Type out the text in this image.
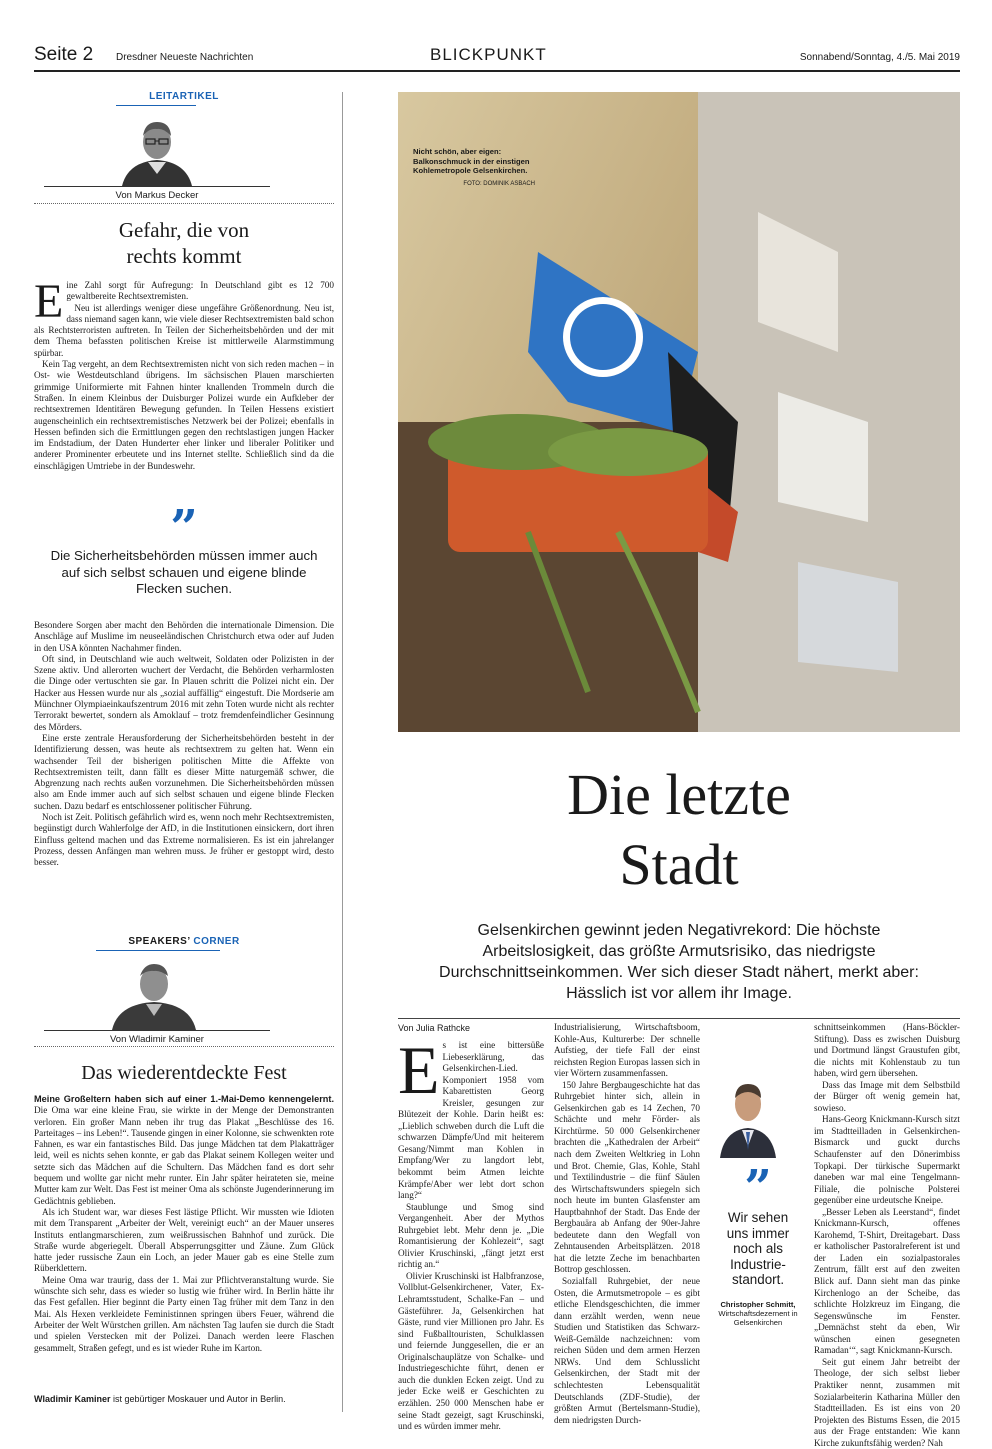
Seite 2 Dresdner Neueste Nachrichten	BLICKPUNKT	Sonnabend/Sonntag, 4./5. Mai 2019
LEITARTIKEL
Von Markus Decker
Gefahr, die von
rechts kommt
E ine Zahl sorgt für Aufregung: In Deutschland gibt es 12 700 gewaltbereite Rechtsextremisten.

Neu ist allerdings weniger diese ungefähre Größenordnung. Neu ist, dass niemand sagen kann, wie viele dieser Rechtsextremisten bald schon als Rechtsterroristen auftreten. In Teilen der Sicherheitsbehörden und der mit dem Thema befassten politischen Kreise ist mittlerweile Alarmstimmung spürbar.

Kein Tag vergeht, an dem Rechtsextremisten nicht von sich reden machen – in Ost- wie Westdeutschland übrigens. Im sächsischen Plauen marschierten grimmige Uniformierte mit Fahnen hinter knallenden Trommeln durch die Straßen. In einem Kleinbus der Duisburger Polizei wurde ein Aufkleber der rechtsextremen Identitären Bewegung gefunden. In Teilen Hessens existiert augenscheinlich ein rechtsextremistisches Netzwerk bei der Polizei; ebenfalls in Hessen befinden sich die Ermittlungen gegen den rechtslastigen jungen Hacker im Endstadium, der Daten Hunderter eher linker und liberaler Politiker und anderer Prominenter erbeutete und ins Internet stellte. Schließlich sind da die einschlägigen Umtriebe in der Bundeswehr.

”
Die Sicherheitsbehörden müssen immer auch auf sich selbst schauen und eigene blinde Flecken suchen.

Besondere Sorgen aber macht den Behörden die internationale Dimension. Die Anschläge auf Muslime im neuseeländischen Christchurch etwa oder auf Juden in den USA könnten Nachahmer finden.

Oft sind, in Deutschland wie auch weltweit, Soldaten oder Polizisten in der Szene aktiv. Und allerorten wuchert der Verdacht, die Behörden verharmlosten die Dinge oder vertuschten sie gar. In Plauen schritt die Polizei nicht ein. Der Hacker aus Hessen wurde nur als „sozial auffällig“ eingestuft. Die Mordserie am Münchner Olympiaeinkaufszentrum 2016 mit zehn Toten wurde nicht als rechter Terrorakt bewertet, sondern als Amoklauf – trotz fremdenfeindlicher Gesinnung des Mörders.

Eine erste zentrale Herausforderung der Sicherheitsbehörden besteht in der Identifizierung dessen, was heute als rechtsextrem zu gelten hat. Wenn ein wachsender Teil der bisherigen politischen Mitte die Affekte von Rechtsextremisten teilt, dann fällt es dieser Mitte naturgemäß schwer, die Abgrenzung nach rechts außen vorzunehmen. Die Sicherheitsbehörden müssen also am Ende immer auch auf sich selbst schauen und eigene blinde Flecken suchen. Dazu bedarf es entschlossener politischer Führung.

Noch ist Zeit. Politisch gefährlich wird es, wenn noch mehr Rechtsextremisten, begünstigt durch Wahlerfolge der AfD, in die Institutionen einsickern, dort ihren Einfluss geltend machen und das Extreme normalisieren. Es ist ein jahrelanger Prozess, dessen Anfängen man wehren muss. Je früher er gestoppt wird, desto besser.

SPEAKERS’ CORNER
Von Wladimir Kaminer
Das wiederentdeckte Fest

Meine Großeltern haben sich auf einer 1.-Mai-Demo kennengelernt. Die Oma war eine kleine Frau, sie wirkte in der Menge der Demonstranten verloren. Ein großer Mann neben ihr trug das Plakat „Beschlüsse des 16. Parteitages – ins Leben!“. Tausende gingen in einer Kolonne, sie schwenkten rote Fahnen, es war ein fantastisches Bild. Das junge Mädchen tat dem Plakatträger leid, weil es nichts sehen konnte, er gab das Plakat seinem Kollegen weiter und setzte sich das Mädchen auf die Schultern. Das Mädchen fand es dort sehr bequem und wollte gar nicht mehr runter. Ein Jahr später heirateten sie, meine Mutter kam zur Welt. Das Fest ist meiner Oma als schönste Jugenderinnerung im Gedächtnis geblieben.

Als ich Student war, war dieses Fest lästige Pflicht. Wir mussten wie Idioten mit dem Transparent „Arbeiter der Welt, vereinigt euch“ an der Mauer unseres Instituts entlangmarschieren, zum weißrussischen Bahnhof und zurück. Die Straße wurde abgeriegelt. Überall Absperrungsgitter und Zäune. Zum Glück hatte jeder russische Zaun ein Loch, an jeder Mauer gab es eine Stelle zum Rüberklettern.

Meine Oma war traurig, dass der 1. Mai zur Pflichtveranstaltung wurde. Sie wünschte sich sehr, dass es wieder so lustig wie früher wird. In Berlin hätte ihr das Fest gefallen. Hier beginnt die Party einen Tag früher mit dem Tanz in den Mai. Als Hexen verkleidete Feministinnen springen übers Feuer, während die Arbeiter der Welt Würstchen grillen. Am nächsten Tag laufen sie durch die Stadt und spielen Verstecken mit der Polizei. Danach werden leere Flaschen gesammelt, Straßen gefegt, und es ist wieder Ruhe im Karton.

Wladimir Kaminer ist gebürtiger Moskauer und Autor in Berlin.
Nicht schön, aber eigen: Balkonschmuck in der einstigen Kohlemetropole Gelsenkirchen.
FOTO: DOMINIK ASBACH
Die letzte
Stadt
Gelsenkirchen gewinnt jeden Negativrekord: Die höchste Arbeitslosigkeit, das größte Armutsrisiko, das niedrigste Durchschnittseinkommen. Wer sich dieser Stadt nähert, merkt aber: Hässlich ist vor allem ihr Image.
Von Julia Rathcke
E s ist eine bittersüße Liebeserklärung, das Gelsenkirchen-Lied. Komponiert 1958 vom Kabarettisten Georg Kreisler, gesungen zur Blütezeit der Kohle. Darin heißt es: „Lieblich schweben durch die Luft die schwarzen Dämpfe/Und mit heiterem Gesang/Nimmt man Kohlen in Empfang/Wer zu langdort lebt, bekommt beim Atmen leichte Krämpfe/Aber wer lebt dort schon lang?“

Staublunge und Smog sind Vergangenheit. Aber der Mythos Ruhrgebiet lebt. Mehr denn je. „Die Romantisierung der Kohlezeit“, sagt Olivier Kruschinski, „fängt jetzt erst richtig an.“

Olivier Kruschinski ist Halbfranzose, Vollblut-Gelsenkirchener, Vater, Ex-Lehramtsstudent, Schalke-Fan – und Gästeführer. Ja, Gelsenkirchen hat Gäste, rund vier Millionen pro Jahr. Es sind Fußballtouristen, Schulklassen und feiernde Junggesellen, die er an Originalschauplätze von Schalke- und Industriegeschichte führt, denen er auch die dunklen Ecken zeigt. Und zu jeder Ecke weiß er Geschichten zu erzählen. 250 000 Menschen habe er seine Stadt gezeigt, sagt Kruschinski, und es würden immer mehr.

Industrialisierung, Wirtschaftsboom, Kohle-Aus, Kulturerbe: Der schnelle Aufstieg, der tiefe Fall der einst reichsten Region Europas lassen sich in vier Wörtern zusammenfassen.

150 Jahre Bergbaugeschichte hat das Ruhrgebiet hinter sich, allein in Gelsenkirchen gab es 14 Zechen, 70 Schächte und mehr Förder- als Kirchtürme. 50 000 Gelsenkirchener brachten die „Kathedralen der Arbeit“ nach dem Zweiten Weltkrieg in Lohn und Brot. Chemie, Glas, Kohle, Stahl und Textilindustrie – die fünf Säulen des Wirtschaftswunders spiegeln sich noch heute im bunten Glasfenster am Hauptbahnhof der Stadt. Das Ende der Bergbauära ab Anfang der 90er-Jahre bedeutete dann den Wegfall von Zehntausenden Arbeitsplätzen. 2018 hat die letzte Zeche im benachbarten Bottrop geschlossen.

Sozialfall Ruhrgebiet, der neue Osten, die Armutsmetropole – es gibt etliche Elendsgeschichten, die immer dann erzählt werden, wenn neue Studien und Statistiken das Schwarz-Weiß-Gemälde nachzeichnen: vom reichen Süden und dem armen Herzen NRWs. Und dem Schlusslicht Gelsenkirchen, der Stadt mit der schlechtesten Lebensqualität Deutschlands (ZDF-Studie), der größten Armut (Bertelsmann-Studie), dem niedrigsten Durch-

”
Wir sehen uns immer noch als Industrie-standort.
Christopher Schmitt,
Wirtschaftsdezernent in Gelsenkirchen

schnittseinkommen (Hans-Böckler-Stiftung). Dass es zwischen Duisburg und Dortmund längst Graustufen gibt, die nichts mit Kohlenstaub zu tun haben, wird gern übersehen.

Dass das Image mit dem Selbstbild der Bürger oft wenig gemein hat, sowieso.

Hans-Georg Knickmann-Kursch sitzt im Stadtteilladen in Gelsenkirchen-Bismarck und guckt durchs Schaufenster auf den Dönerimbiss Topkapi. Der türkische Supermarkt daneben war mal eine Tengelmann-Filiale, die polnische Polsterei gegenüber eine urdeutsche Kneipe.

„Besser Leben als Leerstand“, findet Knickmann-Kursch, offenes Karohemd, T-Shirt, Dreitagebart. Dass er katholischer Pastoralreferent ist und der Laden ein sozialpastorales Zentrum, fällt erst auf den zweiten Blick auf. Dann sieht man das pinke Kirchenlogo an der Scheibe, das schlichte Holzkreuz im Eingang, die Segenswünsche im Fenster. „Demnächst steht da eben, Wir wünschen einen gesegneten Ramadan‘“, sagt Knickmann-Kursch.

Seit gut einem Jahr betreibt der Theologe, der sich selbst lieber Praktiker nennt, zusammen mit Sozialarbeiterin Katharina Müller den Stadtteilladen. Es ist eins von 20 Projekten des Bistums Essen, die 2015 aus der Frage entstanden: Wie kann Kirche zukunftsfähig werden? Nah
